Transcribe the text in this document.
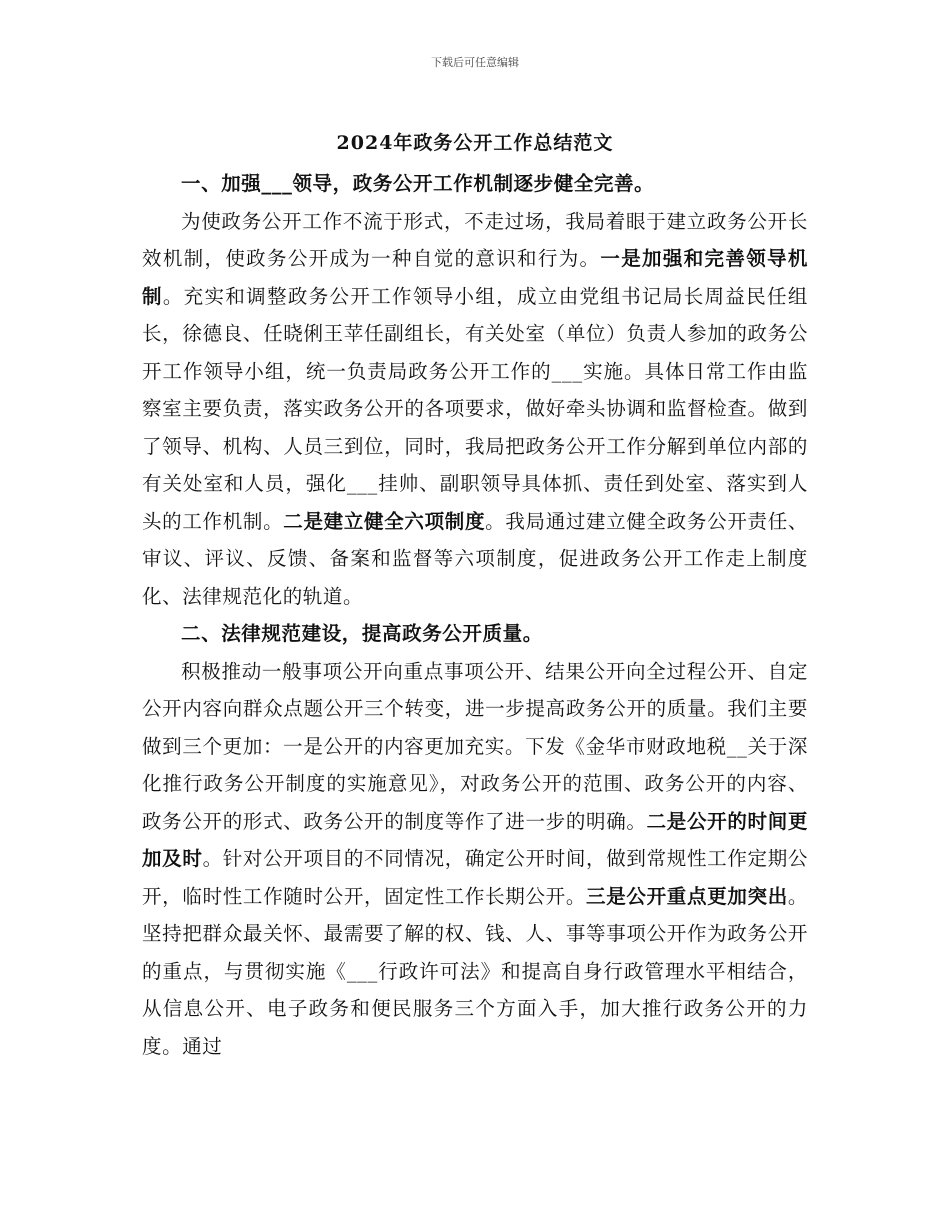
下载后可任意编辑
2024年政务公开工作总结范文

一、加强___领导，政务公开工作机制逐步健全完善。

为使政务公开工作不流于形式，不走过场，我局着眼于建立政务公开长效机制，使政务公开成为一种自觉的意识和行为。一是加强和完善领导机制。充实和调整政务公开工作领导小组，成立由党组书记局长周益民任组长，徐德良、任晓俐王苹任副组长，有关处室（单位）负责人参加的政务公开工作领导小组，统一负责局政务公开工作的___实施。具体日常工作由监察室主要负责，落实政务公开的各项要求，做好牵头协调和监督检查。做到了领导、机构、人员三到位，同时，我局把政务公开工作分解到单位内部的有关处室和人员，强化___挂帅、副职领导具体抓、责任到处室、落实到人头的工作机制。二是建立健全六项制度。我局通过建立健全政务公开责任、审议、评议、反馈、备案和监督等六项制度，促进政务公开工作走上制度化、法律规范化的轨道。

二、法律规范建设，提高政务公开质量。

积极推动一般事项公开向重点事项公开、结果公开向全过程公开、自定公开内容向群众点题公开三个转变，进一步提高政务公开的质量。我们主要做到三个更加：一是公开的内容更加充实。下发《金华市财政地税__关于深化推行政务公开制度的实施意见》，对政务公开的范围、政务公开的内容、政务公开的形式、政务公开的制度等作了进一步的明确。二是公开的时间更加及时。针对公开项目的不同情况，确定公开时间，做到常规性工作定期公开，临时性工作随时公开，固定性工作长期公开。三是公开重点更加突出。坚持把群众最关怀、最需要了解的权、钱、人、事等事项公开作为政务公开的重点，与贯彻实施《___行政许可法》和提高自身行政管理水平相结合，从信息公开、电子政务和便民服务三个方面入手，加大推行政务公开的力度。通过
